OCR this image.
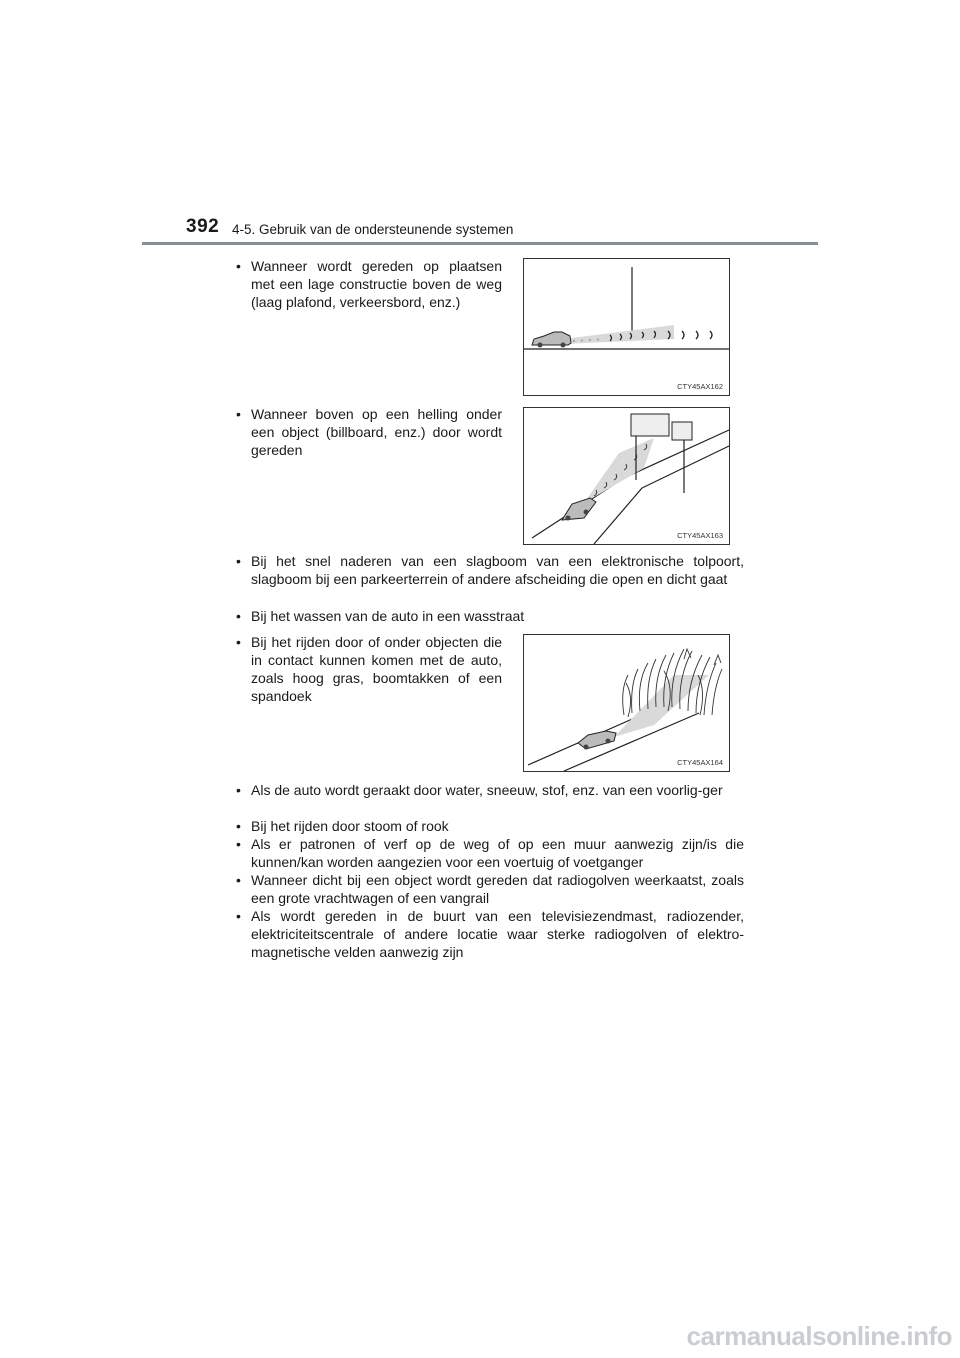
392 4-5. Gebruik van de ondersteunende systemen
• Wanneer wordt gereden op plaatsen met een lage constructie boven de weg (laag plafond, verkeersbord, enz.)

CTY45AX162
• Wanneer boven op een helling onder een object (billboard, enz.) door wordt gereden

CTY45AX163
• Bij het snel naderen van een slagboom van een elektronische tolpoort, slagboom bij een parkeerterrein of andere afscheiding die open en dicht gaat

• Bij het wassen van de auto in een wasstraat

• Bij het rijden door of onder objecten die in contact kunnen komen met de auto, zoals hoog gras, boomtakken of een spandoek

CTY45AX164
• Als de auto wordt geraakt door water, sneeuw, stof, enz. van een voorlig-ger

• Bij het rijden door stoom of rook

• Als er patronen of verf op de weg of op een muur aanwezig zijn/is die kunnen/kan worden aangezien voor een voertuig of voetganger

• Wanneer dicht bij een object wordt gereden dat radiogolven weerkaatst, zoals een grote vrachtwagen of een vangrail

• Als wordt gereden in de buurt van een televisiezendmast, radiozender, elektriciteitscentrale of andere locatie waar sterke radiogolven of elektro-magnetische velden aanwezig zijn

carmanualsonline.info
